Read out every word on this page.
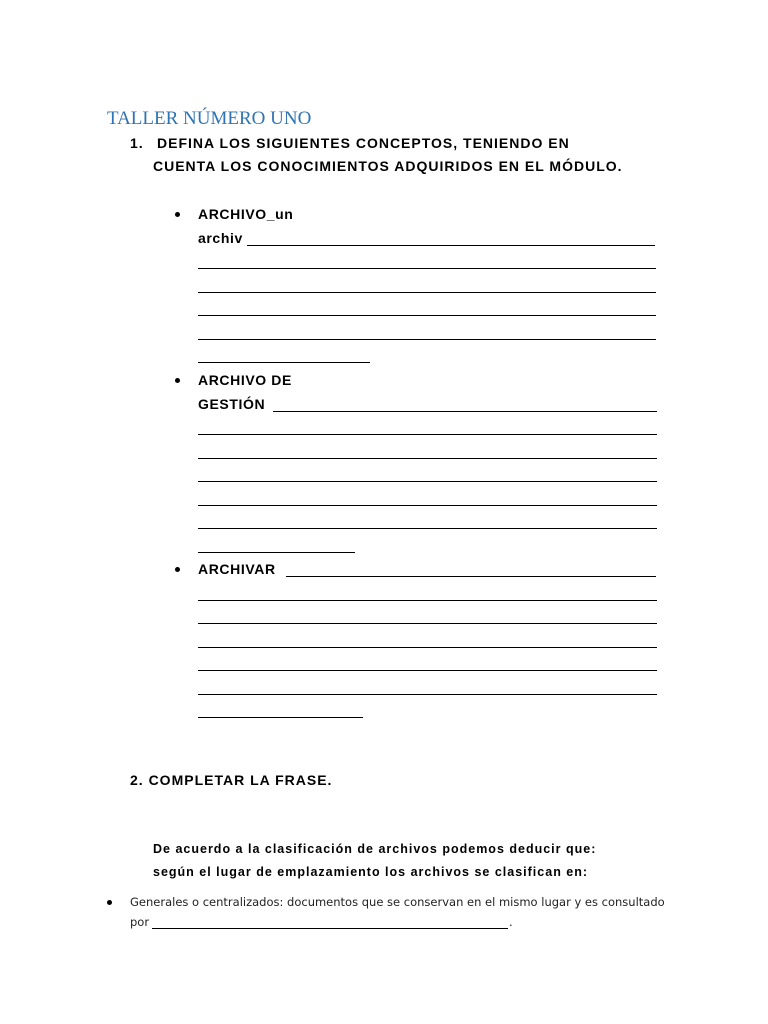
TALLER NÚMERO UNO
1. DEFINA LOS SIGUIENTES CONCEPTOS, TENIENDO EN
CUENTA LOS CONOCIMIENTOS ADQUIRIDOS EN EL MÓDULO.
ARCHIVO_un
archiv
ARCHIVO DE
GESTIÓN
ARCHIVAR
2. COMPLETAR LA FRASE.
De acuerdo a la clasificación de archivos podemos deducir que:
según el lugar de emplazamiento los archivos se clasifican en:
Generales o centralizados: documentos que se conservan en el mismo lugar y es consultado
por	.
